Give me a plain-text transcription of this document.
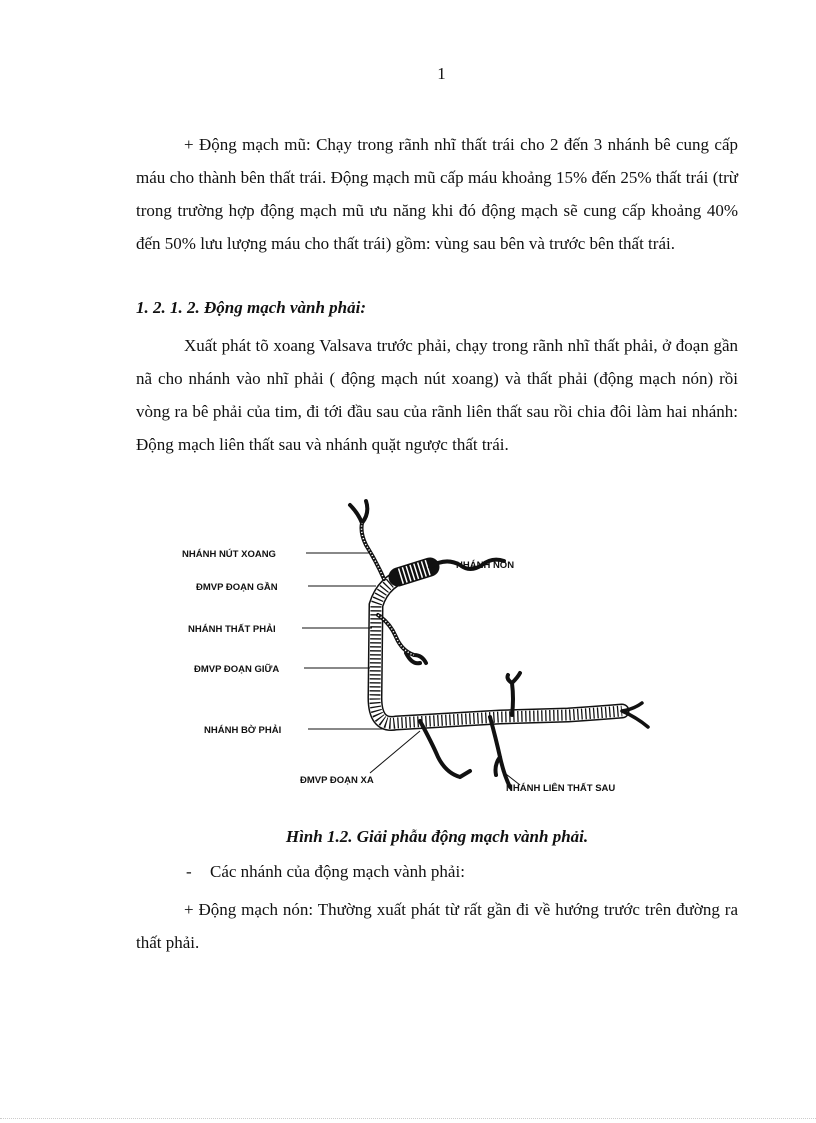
1

+ Động mạch mũ: Chạy trong rãnh nhĩ thất trái cho 2 đến 3 nhánh bê cung cấp máu cho thành bên thất trái. Động mạch mũ cấp máu khoảng 15% đến 25% thất trái (trừ trong trường hợp động mạch mũ ưu năng khi đó động mạch sẽ cung cấp khoảng 40% đến 50% lưu lượng máu cho thất trái) gồm: vùng sau bên và trước bên thất trái.

1. 2. 1. 2. Động mạch vành phải:

Xuất phát tõ xoang Valsava trước phải, chạy trong rãnh nhĩ thất phải, ở đoạn gần nã cho nhánh vào nhĩ phải ( động mạch nút xoang) và thất phải (động mạch nón) rồi vòng ra bê phải của tim, đi tới đầu sau của rãnh liên thất sau rồi chia đôi làm hai nhánh: Động mạch liên thất sau và nhánh quặt ngược thất trái.

NHÁNH NÚT XOANG
ĐMVP ĐOẠN GẦN
NHÁNH THẤT PHẢI
ĐMVP ĐOẠN GIỮA
NHÁNH BỜ PHẢI
ĐMVP ĐOẠN XA
NHÁNH NÓN
NHÁNH LIÊN THẤT SAU

Hình 1.2. Giải phẫu động mạch vành phải.

- Các nhánh của động mạch vành phải:

+ Động mạch nón: Thường xuất phát từ rất gần đi về hướng trước trên đường ra thất phải.
